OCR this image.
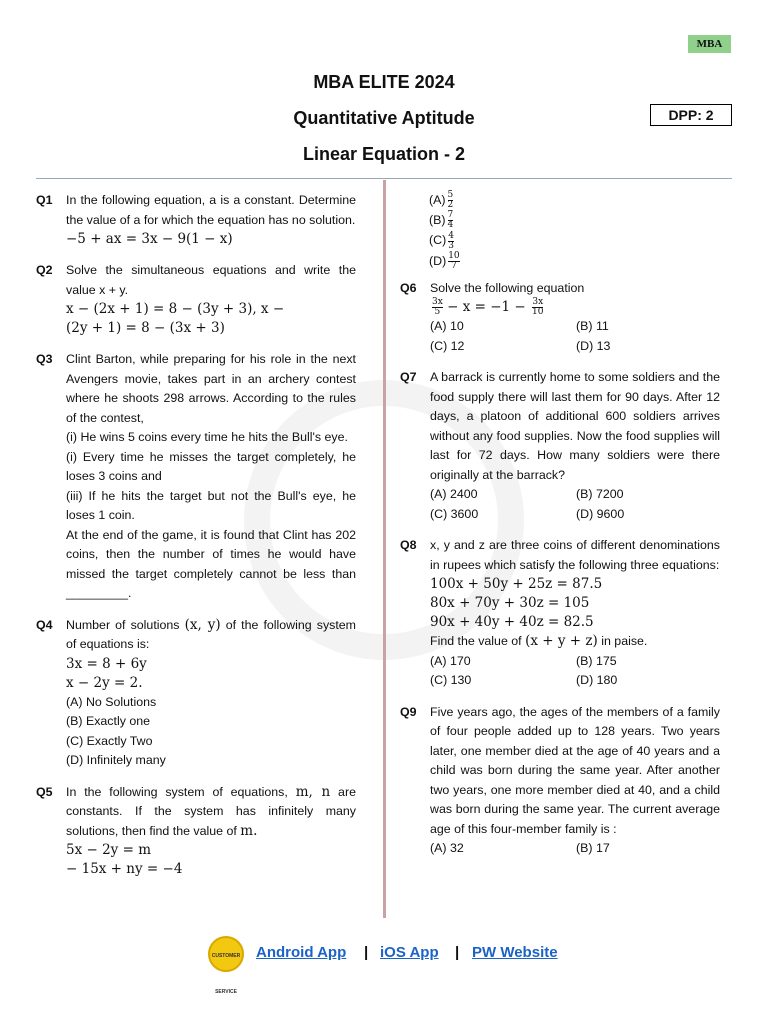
MBA
MBA ELITE 2024
Quantitative Aptitude
Linear Equation - 2
DPP: 2
Q1 In the following equation, a is a constant. Determine the value of a for which the equation has no solution.
−5 + ax = 3x − 9(1 − x)
Q2 Solve the simultaneous equations and write the value x + y.
x − (2x + 1) = 8 − (3y + 3), x −
(2y + 1) = 8 − (3x + 3)
Q3 Clint Barton, while preparing for his role in the next Avengers movie, takes part in an archery contest where he shoots 298 arrows. According to the rules of the contest,
(i) He wins 5 coins every time he hits the Bull's eye.
(i) Every time he misses the target completely, he loses 3 coins and
(iii) If he hits the target but not the Bull's eye, he loses 1 coin.
At the end of the game, it is found that Clint has 202 coins, then the number of times he would have missed the target completely cannot be less than _________.
Q4 Number of solutions (x, y) of the following system of equations is:
3x = 8 + 6y
x − 2y = 2.
(A) No Solutions
(B) Exactly one
(C) Exactly Two
(D) Infinitely many
Q5 In the following system of equations, m, n are constants. If the system has infinitely many solutions, then find the value of m.
5x − 2y = m
− 15x + ny = −4
$(A) \frac{5}{2}$
$(B) \frac{7}{4}$
$(C) \frac{4}{3}$
$(D) \frac{10}{7}$
Q6 Solve the following equation
$\frac{3x}{5} - x = -1 - \frac{3x}{10}$
(A) 10	(B) 11
(C) 12	(D) 13
Q7 A barrack is currently home to some soldiers and the food supply there will last them for 90 days. After 12 days, a platoon of additional 600 soldiers arrives without any food supplies. Now the food supplies will last for 72 days. How many soldiers were there originally at the barrack?
(A) 2400	(B) 7200
(C) 3600	(D) 9600
Q8 x, y and z are three coins of different denominations in rupees which satisfy the following three equations:
100x + 50y + 25z = 87.5
80x + 70y + 30z = 105
90x + 40y + 40z = 82.5
Find the value of (x + y + z) in paise.
(A) 170	(B) 175
(C) 130	(D) 180
Q9 Five years ago, the ages of the members of a family of four people added up to 128 years. Two years later, one member died at the age of 40 years and a child was born during the same year. After another two years, one more member died at 40, and a child was born during the same year. The current average age of this four-member family is :
(A) 32	(B) 17
CUSTOMER SERVICE
Android App | iOS App | PW Website
